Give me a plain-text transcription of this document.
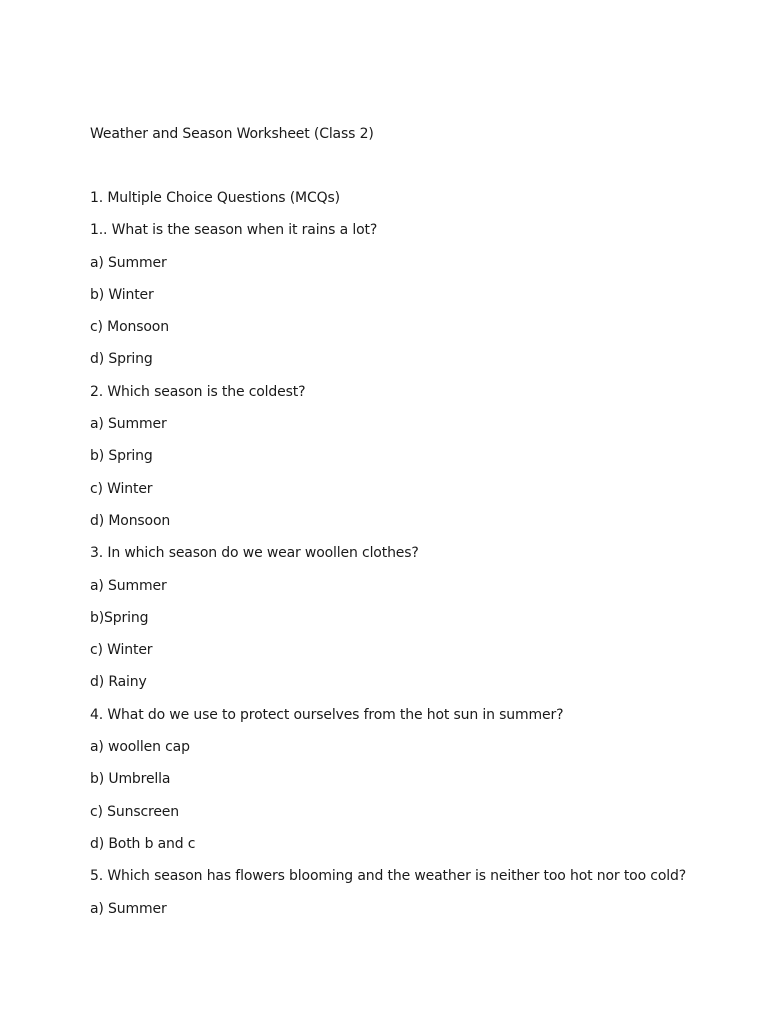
Weather and Season Worksheet (Class 2)
1. Multiple Choice Questions (MCQs)
1.. What is the season when it rains a lot?
a) Summer
b) Winter
c) Monsoon
d) Spring
2. Which season is the coldest?
a) Summer
b) Spring
c) Winter
d) Monsoon
3. In which season do we wear woollen clothes?
a) Summer
b)Spring
c) Winter
d) Rainy
4. What do we use to protect ourselves from the hot sun in summer?
a) woollen cap
b) Umbrella
c) Sunscreen
d) Both b and c
5. Which season has flowers blooming and the weather is neither too hot nor too cold?
a) Summer
